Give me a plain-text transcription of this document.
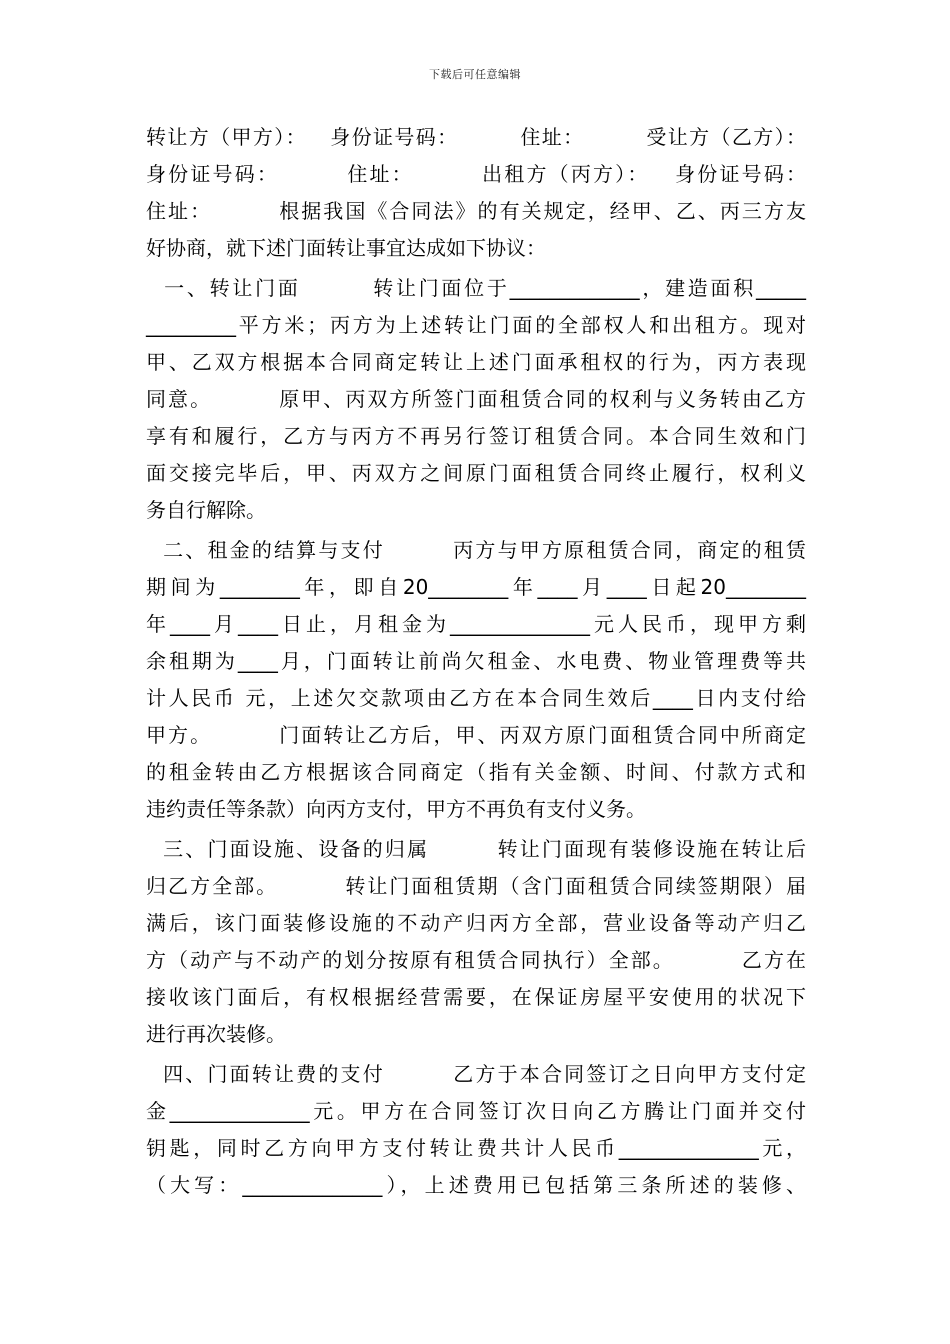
下载后可任意编辑
转让方（甲方）：   身份证号码：        住址：        受让方（乙方）：
身份证号码：        住址：        出租方（丙方）：   身份证号码：
住址：        根据我国《合同法》的有关规定，经甲、乙、丙三方友
好协商，就下述门面转让事宜达成如下协议：
一、转让门面        转让门面位于_____________，建造面积_____
_________平方米；丙方为上述转让门面的全部权人和出租方。现对
甲、乙双方根据本合同商定转让上述门面承租权的行为，丙方表现
同意。        原甲、丙双方所签门面租赁合同的权利与义务转由乙方
享有和履行，乙方与丙方不再另行签订租赁合同。本合同生效和门
面交接完毕后，甲、丙双方之间原门面租赁合同终止履行，权利义
务自行解除。
二、租金的结算与支付        丙方与甲方原租赁合同，商定的租赁
期间为________年，即自20________年____月____日起20________
年____月____日止，月租金为______________元人民币，现甲方剩
余租期为____月，门面转让前尚欠租金、水电费、物业管理费等共
计人民币 元，上述欠交款项由乙方在本合同生效后____日内支付给
甲方。        门面转让乙方后，甲、丙双方原门面租赁合同中所商定
的租金转由乙方根据该合同商定（指有关金额、时间、付款方式和
违约责任等条款）向丙方支付，甲方不再负有支付义务。
三、门面设施、设备的归属        转让门面现有装修设施在转让后
归乙方全部。        转让门面租赁期（含门面租赁合同续签期限）届
满后，该门面装修设施的不动产归丙方全部，营业设备等动产归乙
方（动产与不动产的划分按原有租赁合同执行）全部。        乙方在
接收该门面后，有权根据经营需要，在保证房屋平安使用的状况下
进行再次装修。
四、门面转让费的支付        乙方于本合同签订之日向甲方支付定
金______________元。甲方在合同签订次日向乙方腾让门面并交付
钥匙，同时乙方向甲方支付转让费共计人民币______________元，
（大写：______________），上述费用已包括第三条所述的装修、
